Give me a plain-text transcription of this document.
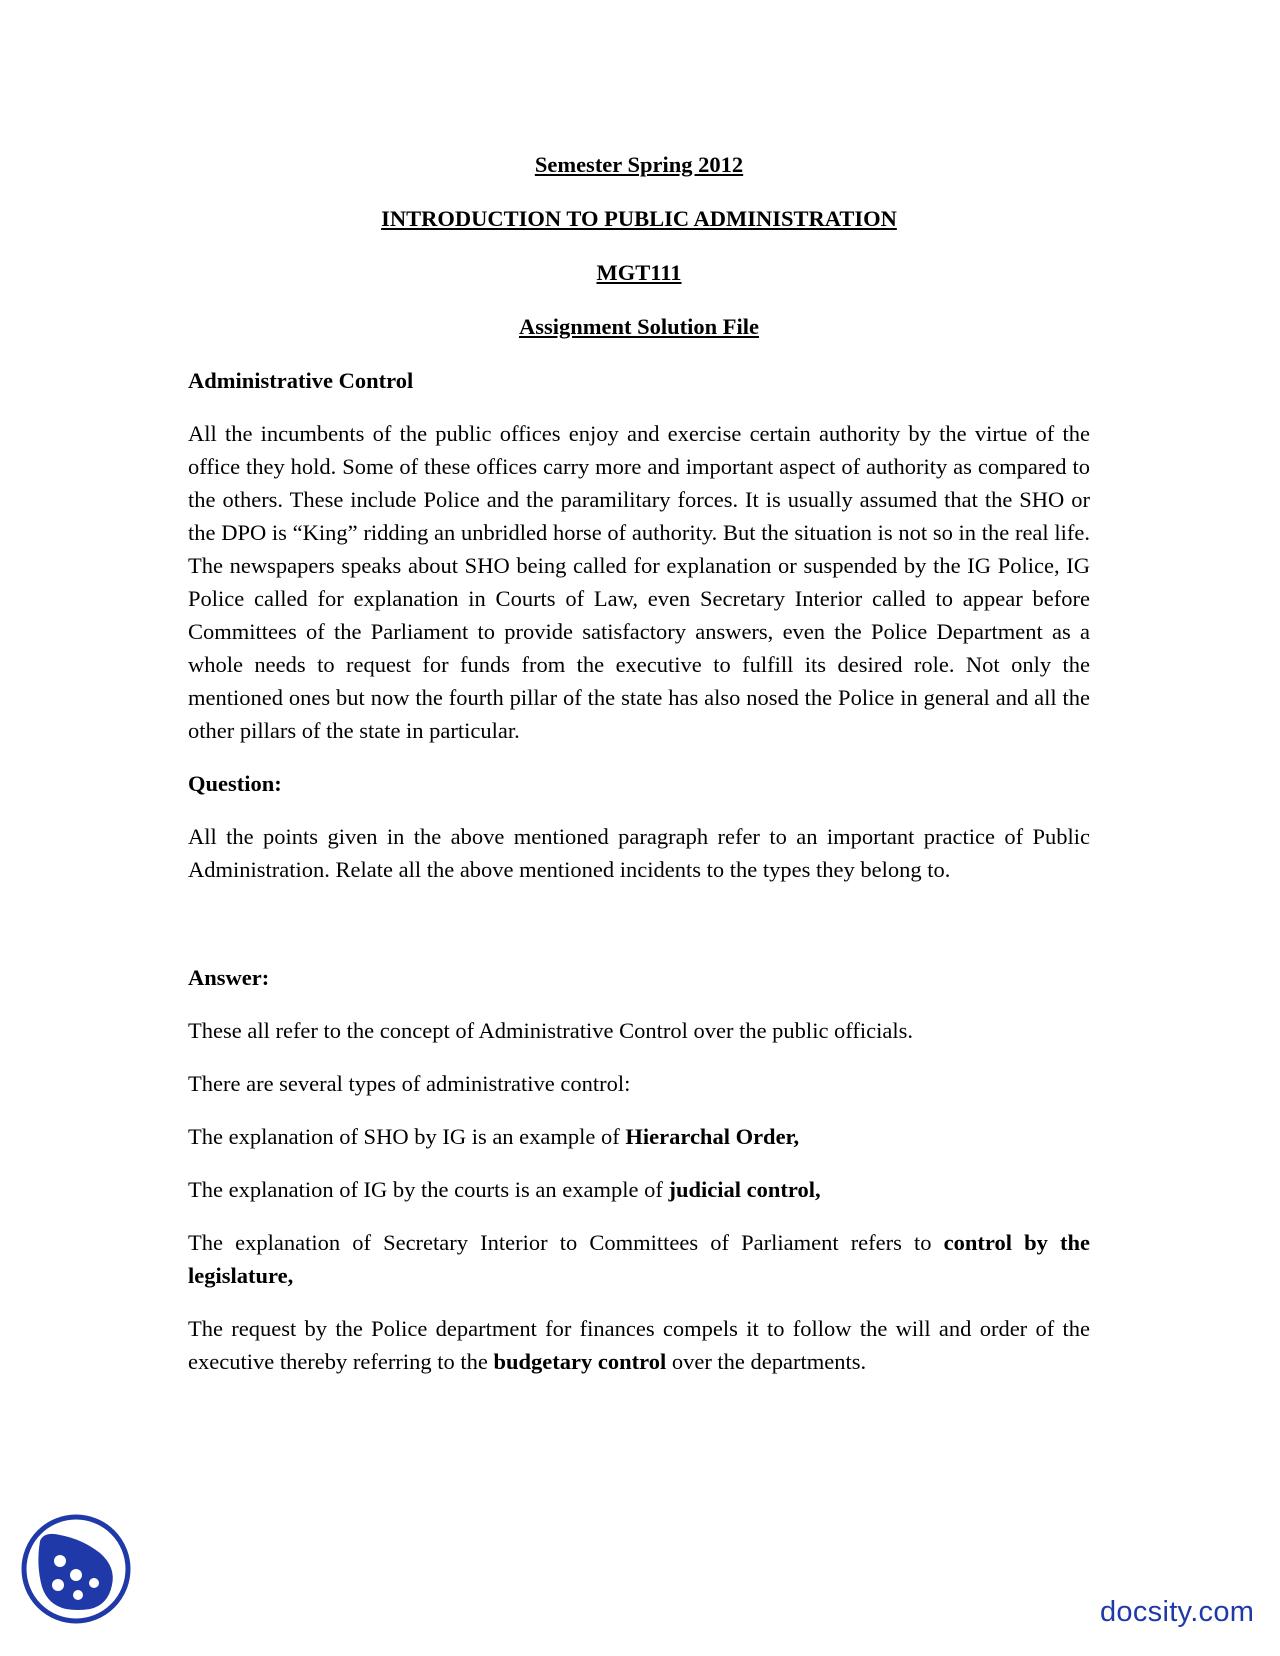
Semester Spring 2012
INTRODUCTION TO PUBLIC ADMINISTRATION
MGT111
Assignment Solution File
Administrative Control

All the incumbents of the public offices enjoy and exercise certain authority by the virtue of the office they hold. Some of these offices carry more and important aspect of authority as compared to the others. These include Police and the paramilitary forces. It is usually assumed that the SHO or the DPO is “King” ridding an unbridled horse of authority. But the situation is not so in the real life. The newspapers speaks about SHO being called for explanation or suspended by the IG Police, IG Police called for explanation in Courts of Law, even Secretary Interior called to appear before Committees of the Parliament to provide satisfactory answers, even the Police Department as a whole needs to request for funds from the executive to fulfill its desired role. Not only the mentioned ones but now the fourth pillar of the state has also nosed the Police in general and all the other pillars of the state in particular.

Question:

All the points given in the above mentioned paragraph refer to an important practice of Public Administration. Relate all the above mentioned incidents to the types they belong to.

Answer:

These all refer to the concept of Administrative Control over the public officials.

There are several types of administrative control:

The explanation of SHO by IG is an example of Hierarchal Order,

The explanation of IG by the courts is an example of judicial control,

The explanation of Secretary Interior to Committees of Parliament refers to control by the legislature,

The request by the Police department for finances compels it to follow the will and order of the executive thereby referring to the budgetary control over the departments.

docsity.com
